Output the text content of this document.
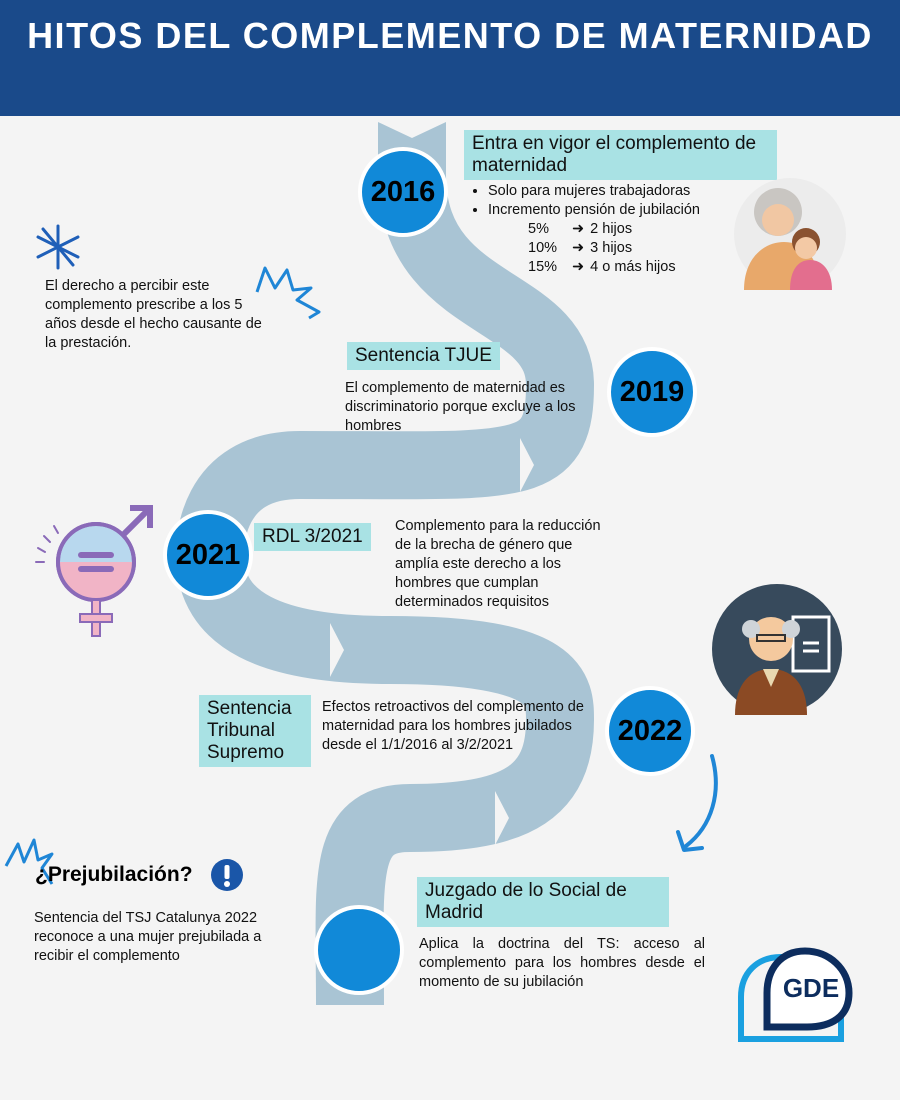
HITOS DEL COMPLEMENTO DE MATERNIDAD
2016
2019
2021
2022
Entra en vigor el complemento de maternidad
• Solo para mujeres trabajadoras
• Incremento pensión de jubilación
5%	➜ 2 hijos
10%	➜ 3 hijos
15%	➜ 4 o más hijos
Sentencia TJUE
El complemento de maternidad es discriminatorio porque excluye a los hombres
El derecho a percibir este complemento prescribe a los 5 años desde el hecho causante de la prestación.
RDL 3/2021	Complemento para la reducción de la brecha de género que amplía este derecho a los hombres que cumplan determinados requisitos
Sentencia Tribunal Supremo
Efectos retroactivos del complemento de maternidad para los hombres jubilados desde el 1/1/2016 al 3/2/2021
Juzgado de lo Social de Madrid
Aplica la doctrina del TS: acceso al complemento para los hombres desde el momento de su jubilación
¿Prejubilación?
Sentencia del TSJ Catalunya 2022 reconoce a una mujer prejubilada a recibir el complemento
GDE
